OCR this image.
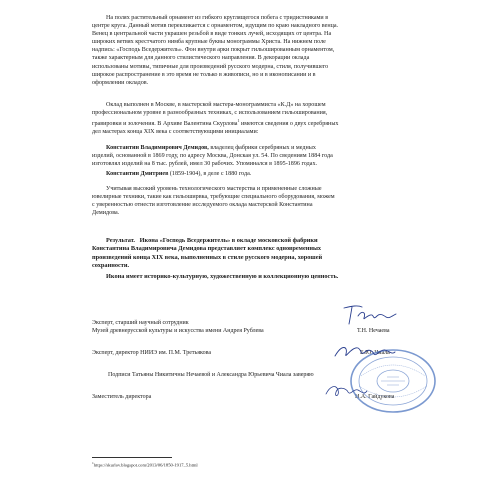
На полях растительный орнамент из гибкого круглящегося побега с тридистниками в
центре круга. Данный мотив перекликается с орнаментом, идущим по краю накладного венца.
Венец в центральной части украшен резьбой в виде тонких лучей, исходящих от центра. На
широких ветвях крестчатого нимба крупные буквы монограммы Христа. На нижнем поле
надпись: «Господь Вседержитель». Фон внутри арки покрыт гильошированным орнаментом,
также характерным для данного стилистического направления. В декорации оклада
использованы мотивы, типичные для произведений русского модерна, стиля, получившего
широкое распространение в это время не только в живописи, но и в иконописании и в
оформлении окладов.
Оклад выполнен в Москве, в мастерской мастера-монограммиста «К.Д» на хорошем
профессиональном уровне в разнообразных техниках, с использованием гильоширования,
гравировки и золочения. В Архиве Валентина Скурлова$^1$ имеются сведения о двух серебряных
дел мастерах конца XIX века с соответствующими инициалами:
Константин Владимирович Демидов, владелец фабрики серебряных и медных
изделий, основанной в 1869 году, по адресу Москва, Донская ул. 54. По сведениям 1884 года
изготовлял изделий на 8 тыс. рублей, имел 30 рабочих. Упоминался в 1895-1896 годах.
Константин Дмитриев (1859-1904), в деле с 1880 года.
Учитывая высокий уровень технологического мастерства и примененные сложные
ювелирные техники, такие как гильоширвка, требующие специального оборудования, можем
с уверенностью отнести изготовление исследуемого оклада мастерской Константина
Демидова.
Результат. Икона «Господь Вседержитель» в окладе московской фабрики
Константина Владимировича Демидова представляет комплекс одновременных
произведений конца XIX века, выполненных в стиле русского модерна, хорошей
сохранности.
Икона имеет историко-культурную, художественную и коллекционную ценность.
Эксперт, старший научный сотрудник
Музей древнерусской культуры и искусства имени Андрея Рублева	Т.Н. Нечаева
Эксперт, директор НИИЭ им. П.М. Третьякова	Е.Ю. Чиала
Подписи Татьяны Никитичны Нечаевой и Александра Юрьевича Чиала заверяю
Заместитель директора	Н.А. Гайдукова
$^1$https://skurlov.blogspot.com/2013/06/1850-1917_5.html
